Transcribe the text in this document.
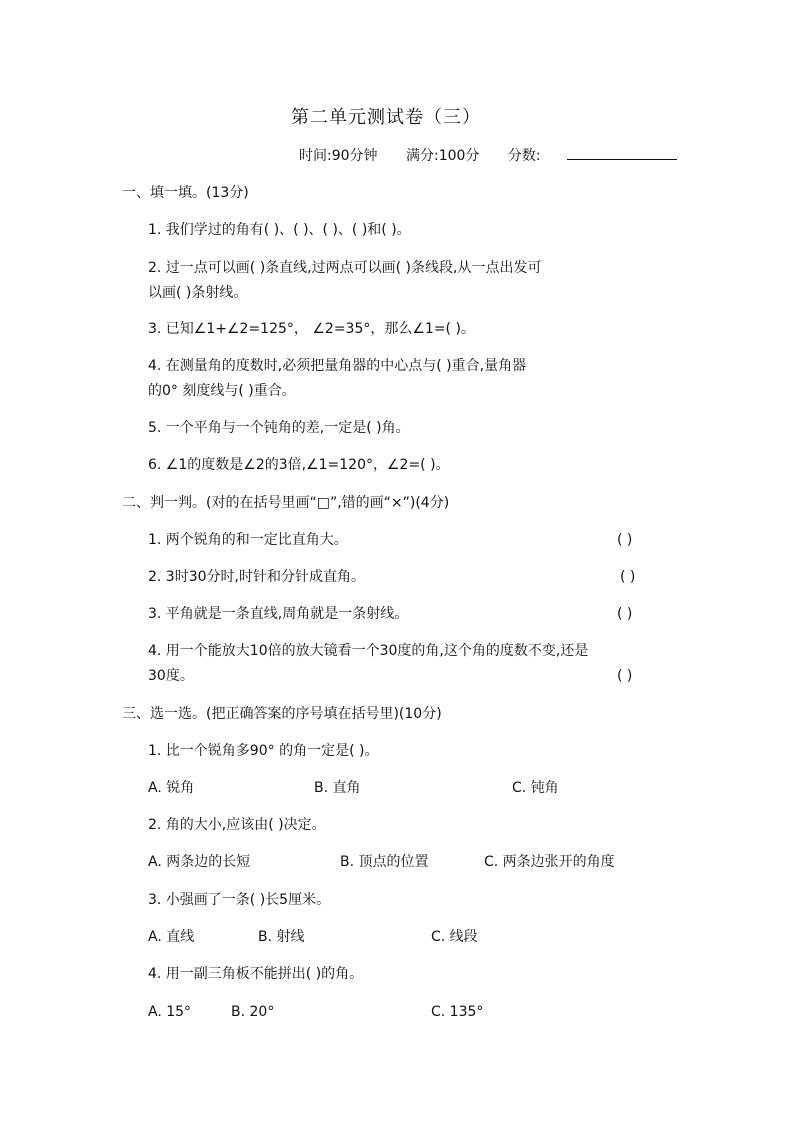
第二单元测试卷（三）
时间:90分钟 满分:100分 分数:
一、填一填。(13分)
1. 我们学过的角有( )、( )、( )、( )和( )。
2. 过一点可以画( )条直线,过两点可以画( )条线段,从一点出发可
以画( )条射线。
3. 已知∠1+∠2=125°， ∠2=35°，那么∠1=( )。
4. 在测量角的度数时,必须把量角器的中心点与( )重合,量角器
的0° 刻度线与( )重合。
5. 一个平角与一个钝角的差,一定是( )角。
6. ∠1的度数是∠2的3倍,∠1=120°，∠2=( )。
二、判一判。(对的在括号里画“□”,错的画“×”)(4分)
1. 两个锐角的和一定比直角大。	( )
2. 3时30分时,时针和分针成直角。	( )
3. 平角就是一条直线,周角就是一条射线。	( )
4. 用一个能放大10倍的放大镜看一个30度的角,这个角的度数不变,还是
30度。	( )
三、选一选。(把正确答案的序号填在括号里)(10分)
1. 比一个锐角多90° 的角一定是( )。
A. 锐角	B. 直角	C. 钝角
2. 角的大小,应该由( )决定。
A. 两条边的长短	B. 顶点的位置	C. 两条边张开的角度
3. 小强画了一条( )长5厘米。
A. 直线	B. 射线	C. 线段
4. 用一副三角板不能拼出( )的角。
A. 15°	B. 20°	C. 135°
